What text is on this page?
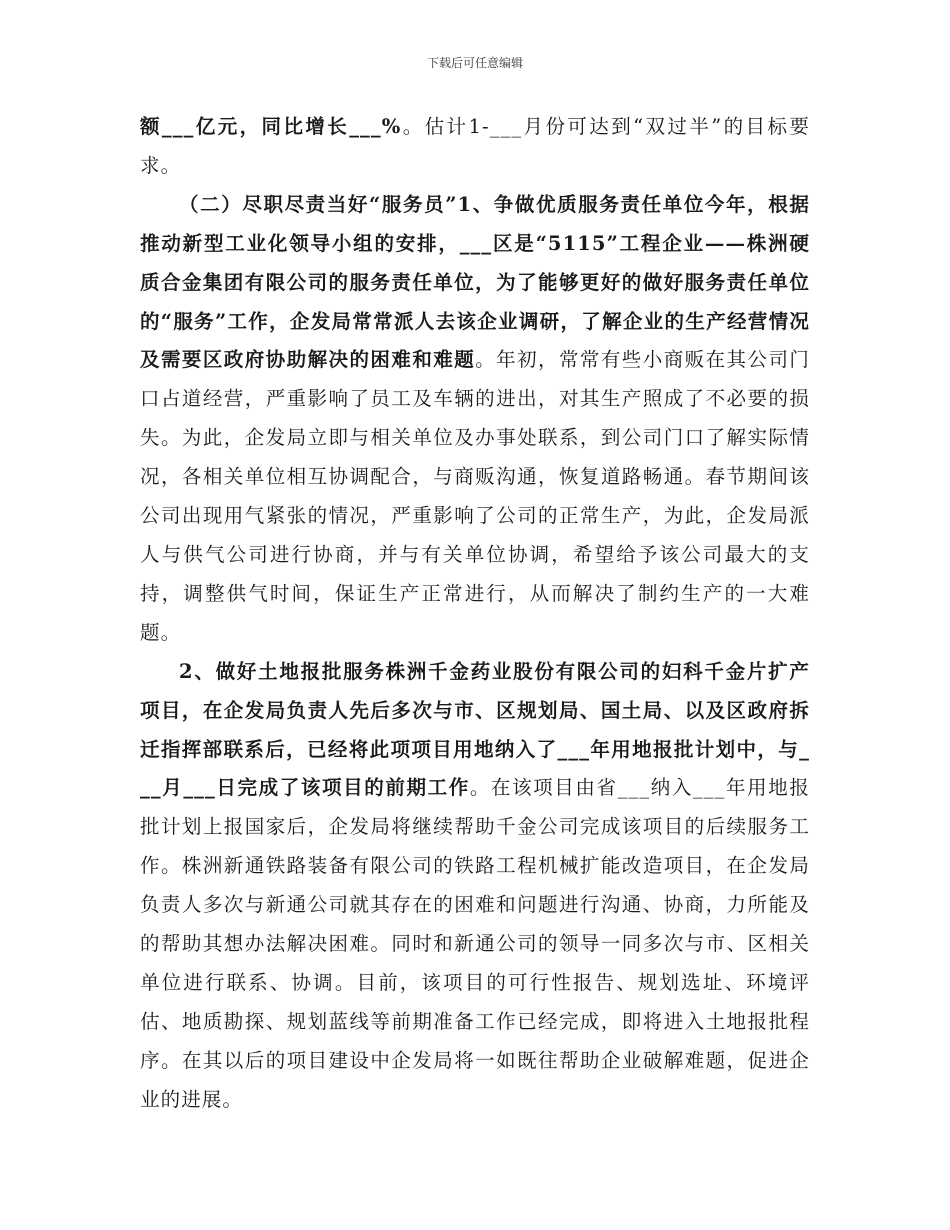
下载后可任意编辑

额___亿元，同比增长___%。估计1-___月份可达到“双过半”的目标要求。

（二）尽职尽责当好“服务员”1、争做优质服务责任单位今年，根据推动新型工业化领导小组的安排，___区是“5115”工程企业——株洲硬质合金集团有限公司的服务责任单位，为了能够更好的做好服务责任单位的“服务”工作，企发局常常派人去该企业调研，了解企业的生产经营情况及需要区政府协助解决的困难和难题。年初，常常有些小商贩在其公司门口占道经营，严重影响了员工及车辆的进出，对其生产照成了不必要的损失。为此，企发局立即与相关单位及办事处联系，到公司门口了解实际情况，各相关单位相互协调配合，与商贩沟通，恢复道路畅通。春节期间该公司出现用气紧张的情况，严重影响了公司的正常生产，为此，企发局派人与供气公司进行协商，并与有关单位协调，希望给予该公司最大的支持，调整供气时间，保证生产正常进行，从而解决了制约生产的一大难题。

2、做好土地报批服务株洲千金药业股份有限公司的妇科千金片扩产项目，在企发局负责人先后多次与市、区规划局、国土局、以及区政府拆迁指挥部联系后，已经将此项项目用地纳入了___年用地报批计划中，与___月___日完成了该项目的前期工作。在该项目由省___纳入___年用地报批计划上报国家后，企发局将继续帮助千金公司完成该项目的后续服务工作。株洲新通铁路装备有限公司的铁路工程机械扩能改造项目，在企发局负责人多次与新通公司就其存在的困难和问题进行沟通、协商，力所能及的帮助其想办法解决困难。同时和新通公司的领导一同多次与市、区相关单位进行联系、协调。目前，该项目的可行性报告、规划选址、环境评估、地质勘探、规划蓝线等前期准备工作已经完成，即将进入土地报批程序。在其以后的项目建设中企发局将一如既往帮助企业破解难题，促进企业的进展。
